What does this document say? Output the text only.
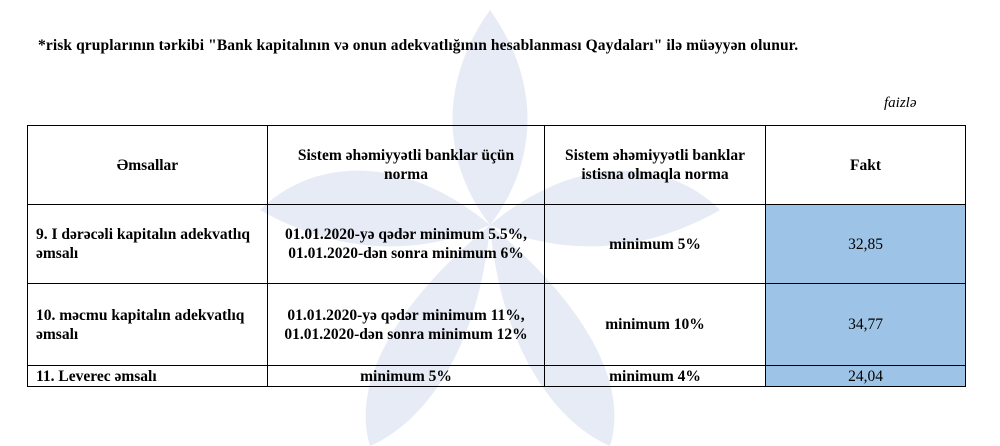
*risk qruplarının tərkibi "Bank kapitalının və onun adekvatlığının hesablanması Qaydaları" ilə müəyyən olunur.
faizlə
Əmsallar	Sistem əhəmiyyətli banklar üçün norma	Sistem əhəmiyyətli banklar istisna olmaqla norma	Fakt
9. I dərəcəli kapitalın adekvatlıq əmsalı	01.01.2020-yə qədər minimum 5.5%, 01.01.2020-dən sonra minimum 6%	minimum 5%	32,85
10. məcmu kapitalın adekvatlıq əmsalı	01.01.2020-yə qədər minimum 11%, 01.01.2020-dən sonra minimum 12%	minimum 10%	34,77
11. Leverec əmsalı	minimum 5%	minimum 4%	24,04
